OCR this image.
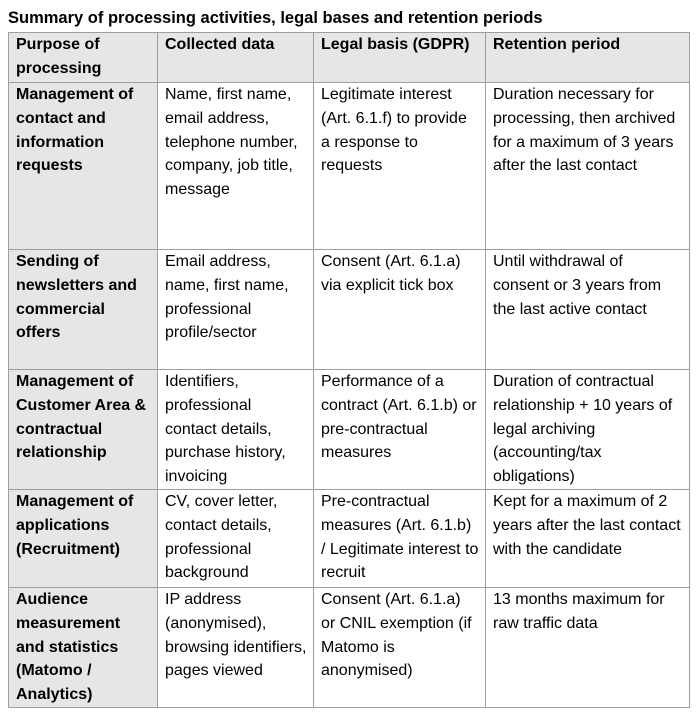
Summary of processing activities, legal bases and retention periods
Purpose of processing	Collected data	Legal basis (GDPR)	Retention period
Management of contact and information requests	Name, first name, email address, telephone number, company, job title, message	Legitimate interest (Art. 6.1.f) to provide a response to requests	Duration necessary for processing, then archived for a maximum of 3 years after the last contact
Sending of newsletters and commercial offers	Email address, name, first name, professional profile/sector	Consent (Art. 6.1.a) via explicit tick box	Until withdrawal of consent or 3 years from the last active contact
Management of Customer Area & contractual relationship	Identifiers, professional contact details, purchase history, invoicing	Performance of a contract (Art. 6.1.b) or pre-contractual measures	Duration of contractual relationship + 10 years of legal archiving (accounting/tax obligations)
Management of applications (Recruitment)	CV, cover letter, contact details, professional background	Pre-contractual measures (Art. 6.1.b) / Legitimate interest to recruit	Kept for a maximum of 2 years after the last contact with the candidate
Audience measurement and statistics (Matomo / Analytics)	IP address (anonymised), browsing identifiers, pages viewed	Consent (Art. 6.1.a) or CNIL exemption (if Matomo is anonymised)	13 months maximum for raw traffic data
